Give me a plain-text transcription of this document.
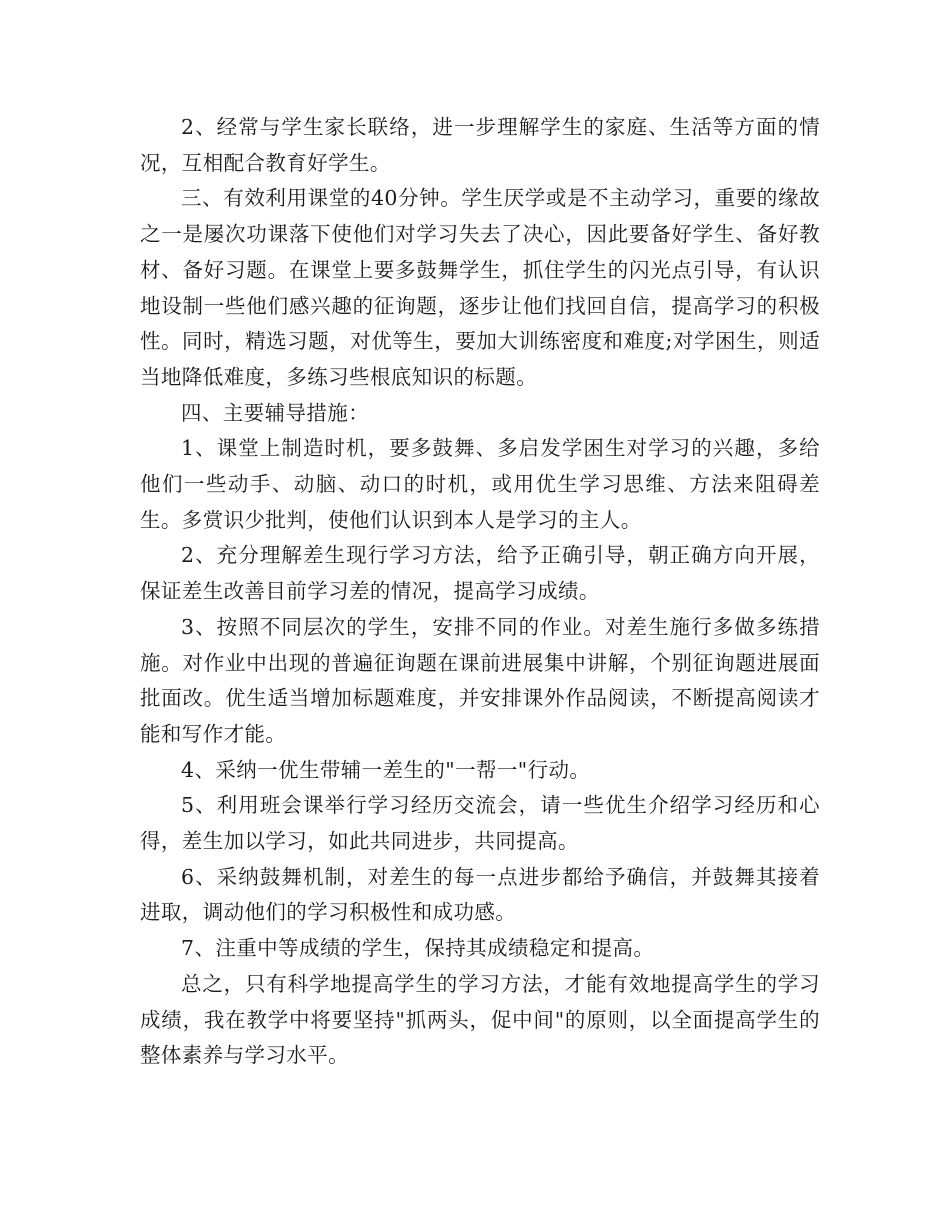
2、经常与学生家长联络，进一步理解学生的家庭、生活等方面的情况，互相配合教育好学生。

三、有效利用课堂的40分钟。学生厌学或是不主动学习，重要的缘故之一是屡次功课落下使他们对学习失去了决心，因此要备好学生、备好教材、备好习题。在课堂上要多鼓舞学生，抓住学生的闪光点引导，有认识地设制一些他们感兴趣的征询题，逐步让他们找回自信，提高学习的积极性。同时，精选习题，对优等生，要加大训练密度和难度;对学困生，则适当地降低难度，多练习些根底知识的标题。

四、主要辅导措施：

1、课堂上制造时机，要多鼓舞、多启发学困生对学习的兴趣，多给他们一些动手、动脑、动口的时机，或用优生学习思维、方法来阻碍差生。多赏识少批判，使他们认识到本人是学习的主人。

2、充分理解差生现行学习方法，给予正确引导，朝正确方向开展，保证差生改善目前学习差的情况，提高学习成绩。

3、按照不同层次的学生，安排不同的作业。对差生施行多做多练措施。对作业中出现的普遍征询题在课前进展集中讲解，个别征询题进展面批面改。优生适当增加标题难度，并安排课外作品阅读，不断提高阅读才能和写作才能。

4、采纳一优生带辅一差生的"一帮一"行动。

5、利用班会课举行学习经历交流会，请一些优生介绍学习经历和心得，差生加以学习，如此共同进步，共同提高。

6、采纳鼓舞机制，对差生的每一点进步都给予确信，并鼓舞其接着进取，调动他们的学习积极性和成功感。

7、注重中等成绩的学生，保持其成绩稳定和提高。

总之，只有科学地提高学生的学习方法，才能有效地提高学生的学习成绩，我在教学中将要坚持"抓两头，促中间"的原则，以全面提高学生的整体素养与学习水平。
